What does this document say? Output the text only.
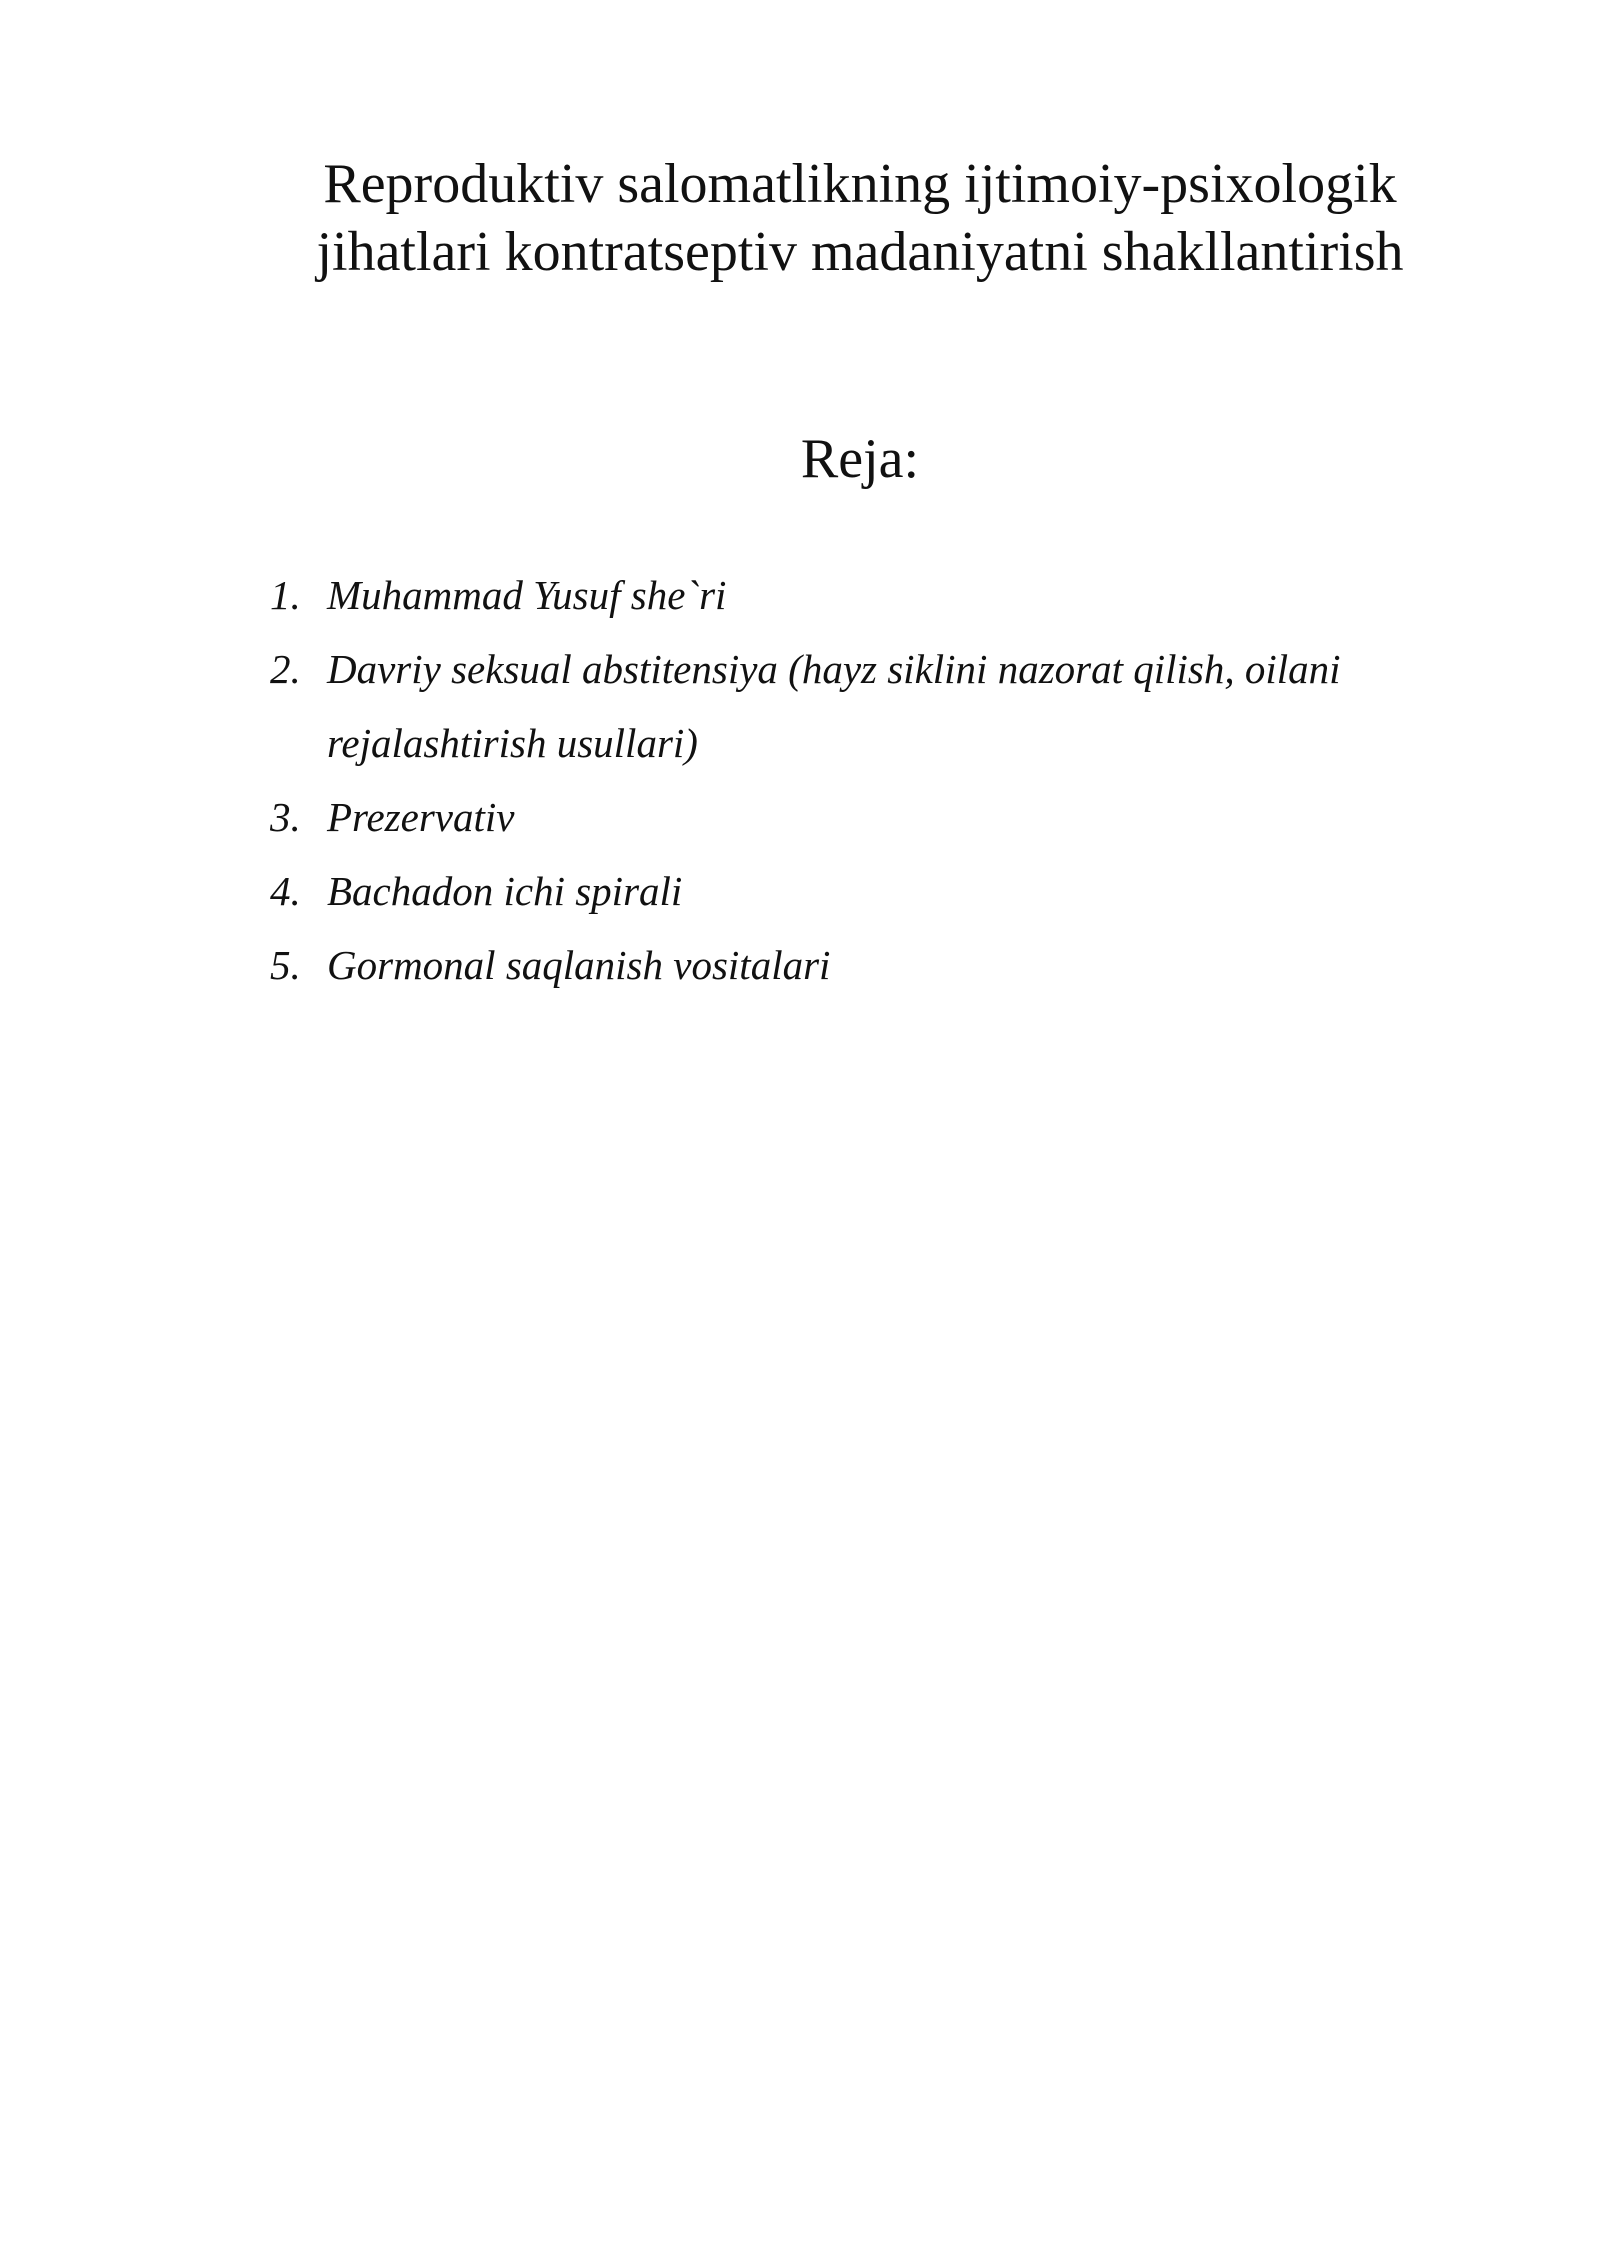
Reproduktiv salomatlikning ijtimoiy-psixologik
jihatlari kontratseptiv madaniyatni shakllantirish
Reja:
1. Muhammad Yusuf she`ri
2. Davriy seksual abstitensiya (hayz siklini nazorat qilish, oilani rejalashtirish usullari)
3. Prezervativ
4. Bachadon ichi spirali
5. Gormonal saqlanish vositalari
